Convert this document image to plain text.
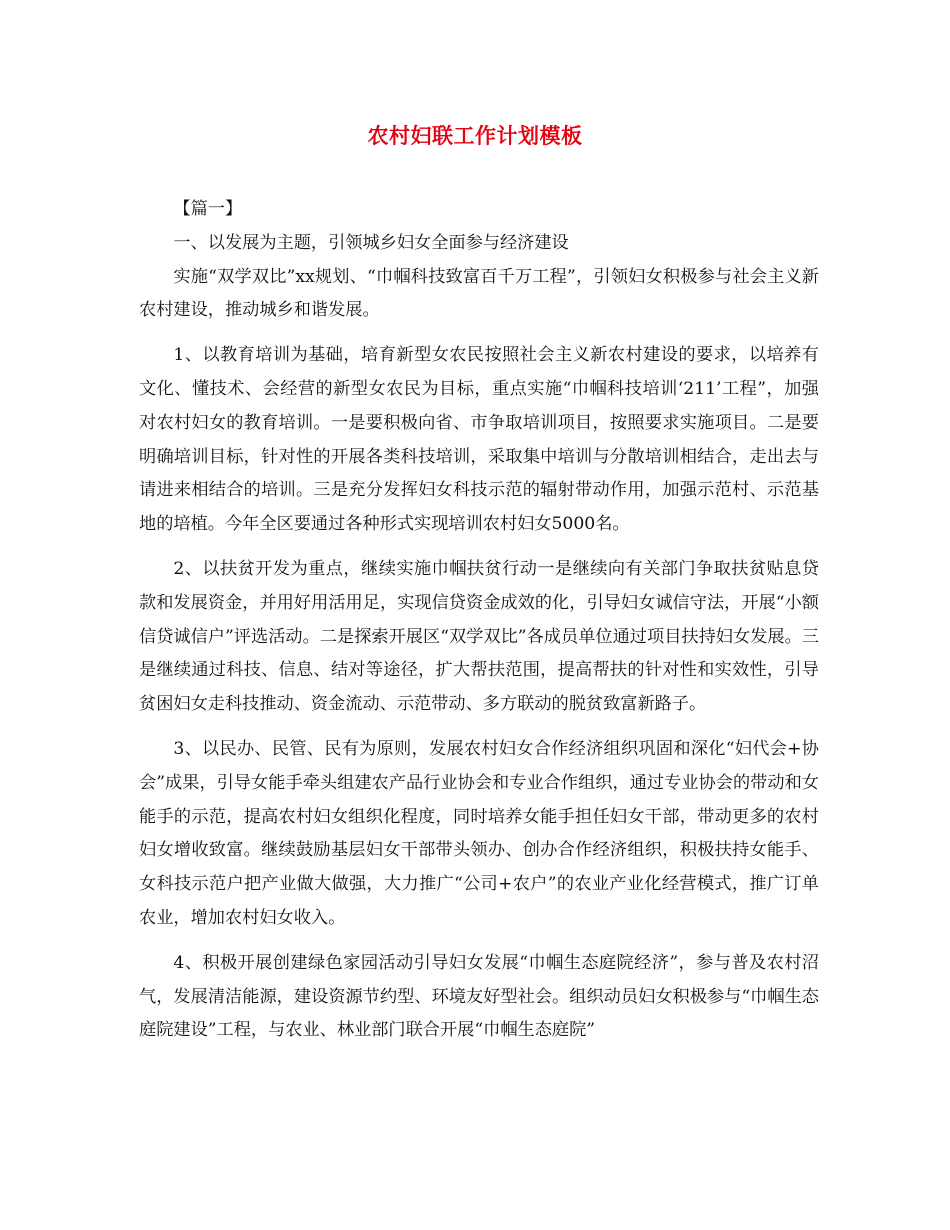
农村妇联工作计划模板

【篇一】

一、以发展为主题，引领城乡妇女全面参与经济建设

实施“双学双比”xx规划、“巾帼科技致富百千万工程”，引领妇女积极参与社会主义新农村建设，推动城乡和谐发展。

1、以教育培训为基础，培育新型女农民按照社会主义新农村建设的要求，以培养有文化、懂技术、会经营的新型女农民为目标，重点实施“巾帼科技培训‘211’工程”，加强对农村妇女的教育培训。一是要积极向省、市争取培训项目，按照要求实施项目。二是要明确培训目标，针对性的开展各类科技培训，采取集中培训与分散培训相结合，走出去与请进来相结合的培训。三是充分发挥妇女科技示范的辐射带动作用，加强示范村、示范基地的培植。今年全区要通过各种形式实现培训农村妇女5000名。

2、以扶贫开发为重点，继续实施巾帼扶贫行动一是继续向有关部门争取扶贫贴息贷款和发展资金，并用好用活用足，实现信贷资金成效的化，引导妇女诚信守法，开展“小额信贷诚信户”评选活动。二是探索开展区“双学双比”各成员单位通过项目扶持妇女发展。三是继续通过科技、信息、结对等途径，扩大帮扶范围，提高帮扶的针对性和实效性，引导贫困妇女走科技推动、资金流动、示范带动、多方联动的脱贫致富新路子。

3、以民办、民管、民有为原则，发展农村妇女合作经济组织巩固和深化“妇代会+协会”成果，引导女能手牵头组建农产品行业协会和专业合作组织，通过专业协会的带动和女能手的示范，提高农村妇女组织化程度，同时培养女能手担任妇女干部，带动更多的农村妇女增收致富。继续鼓励基层妇女干部带头领办、创办合作经济组织，积极扶持女能手、女科技示范户把产业做大做强，大力推广“公司+农户”的农业产业化经营模式，推广订单农业，增加农村妇女收入。

4、积极开展创建绿色家园活动引导妇女发展“巾帼生态庭院经济”，参与普及农村沼气，发展清洁能源，建设资源节约型、环境友好型社会。组织动员妇女积极参与“巾帼生态庭院建设”工程，与农业、林业部门联合开展“巾帼生态庭院”
